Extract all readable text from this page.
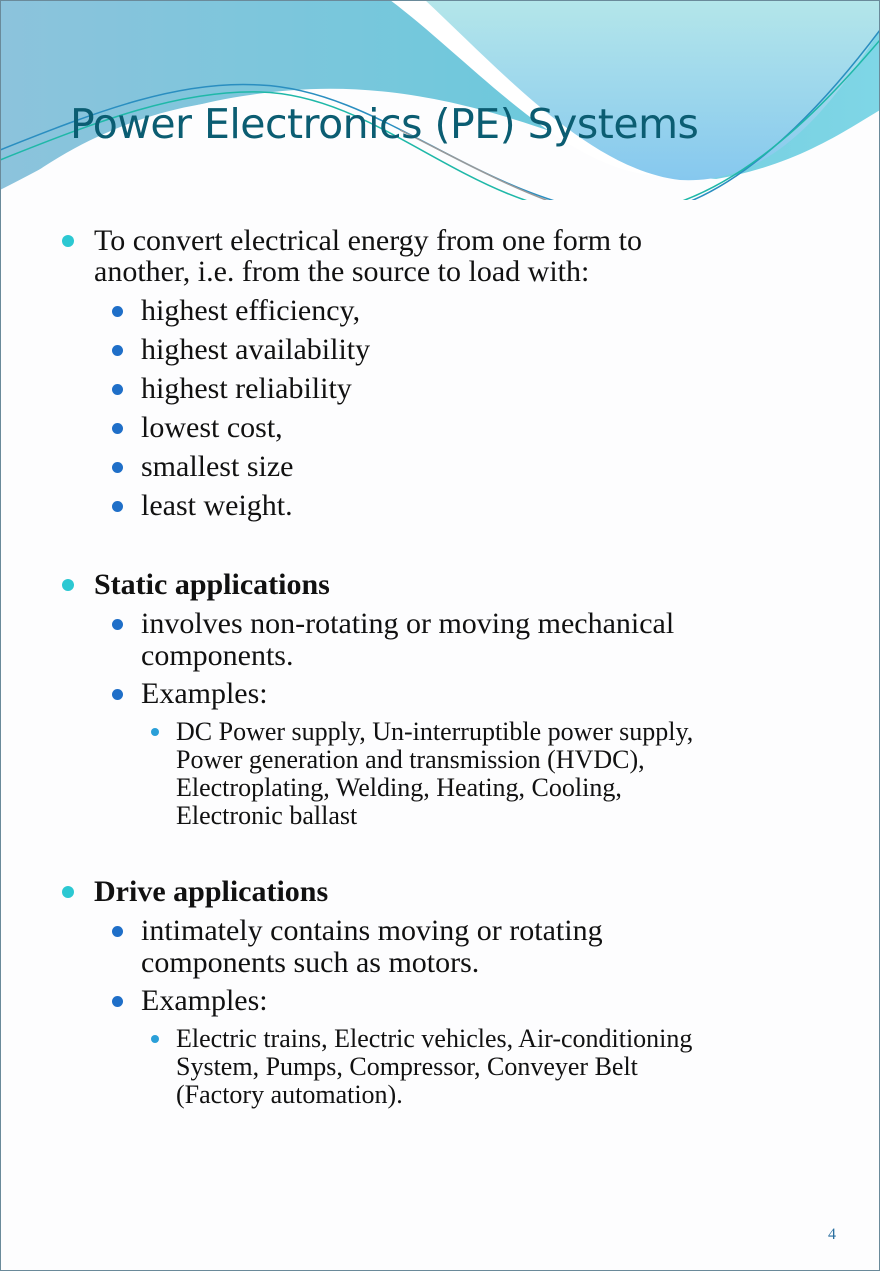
Power Electronics (PE) Systems
To convert electrical energy from one form to
another, i.e. from the source to load with:
highest efficiency,
highest availability
highest reliability
lowest cost,
smallest size
least weight.
Static applications
involves non-rotating or moving mechanical
components.
Examples:
DC Power supply, Un-interruptible power supply,
Power generation and transmission (HVDC),
Electroplating, Welding, Heating, Cooling,
Electronic ballast
Drive applications
intimately contains moving or rotating
components such as motors.
Examples:
Electric trains, Electric vehicles, Air-conditioning
System, Pumps, Compressor, Conveyer Belt
(Factory automation).
4
